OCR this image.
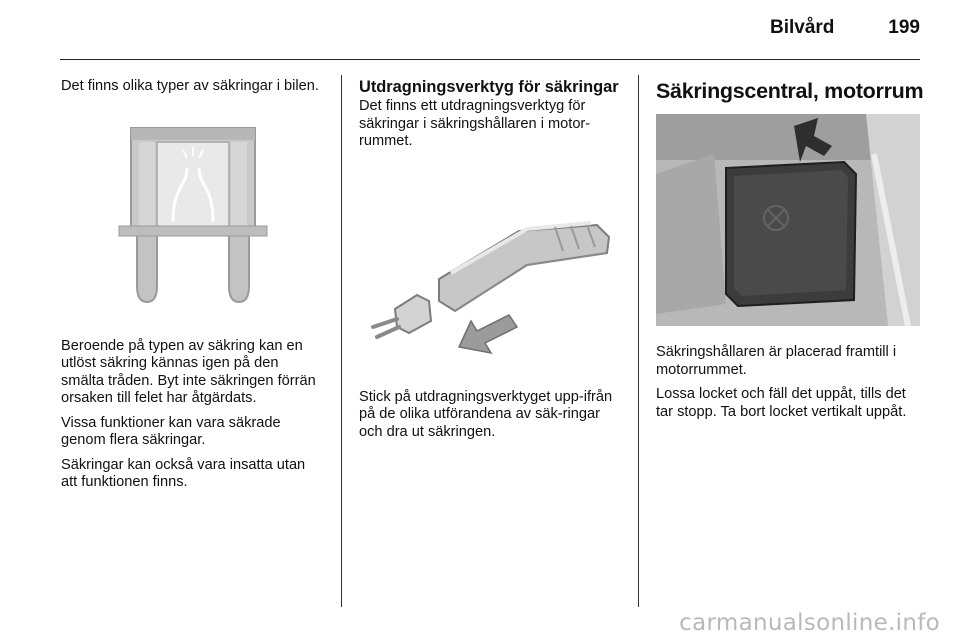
Bilvård	199

Det finns olika typer av säkringar i bilen.

Beroende på typen av säkring kan en utlöst säkring kännas igen på den smälta tråden. Byt inte säkringen förrän orsaken till felet har åtgärdats.

Vissa funktioner kan vara säkrade genom flera säkringar.

Säkringar kan också vara insatta utan att funktionen finns.

Utdragningsverktyg för säkringar

Det finns ett utdragningsverktyg för säkringar i säkringshållaren i motor-rummet.

Stick på utdragningsverktyget upp-ifrån på de olika utförandena av säk-ringar och dra ut säkringen.

Säkringscentral, motorrum

Säkringshållaren är placerad framtill i motorrummet.

Lossa locket och fäll det uppåt, tills det tar stopp. Ta bort locket vertikalt uppåt.

carmanualsonline.info
